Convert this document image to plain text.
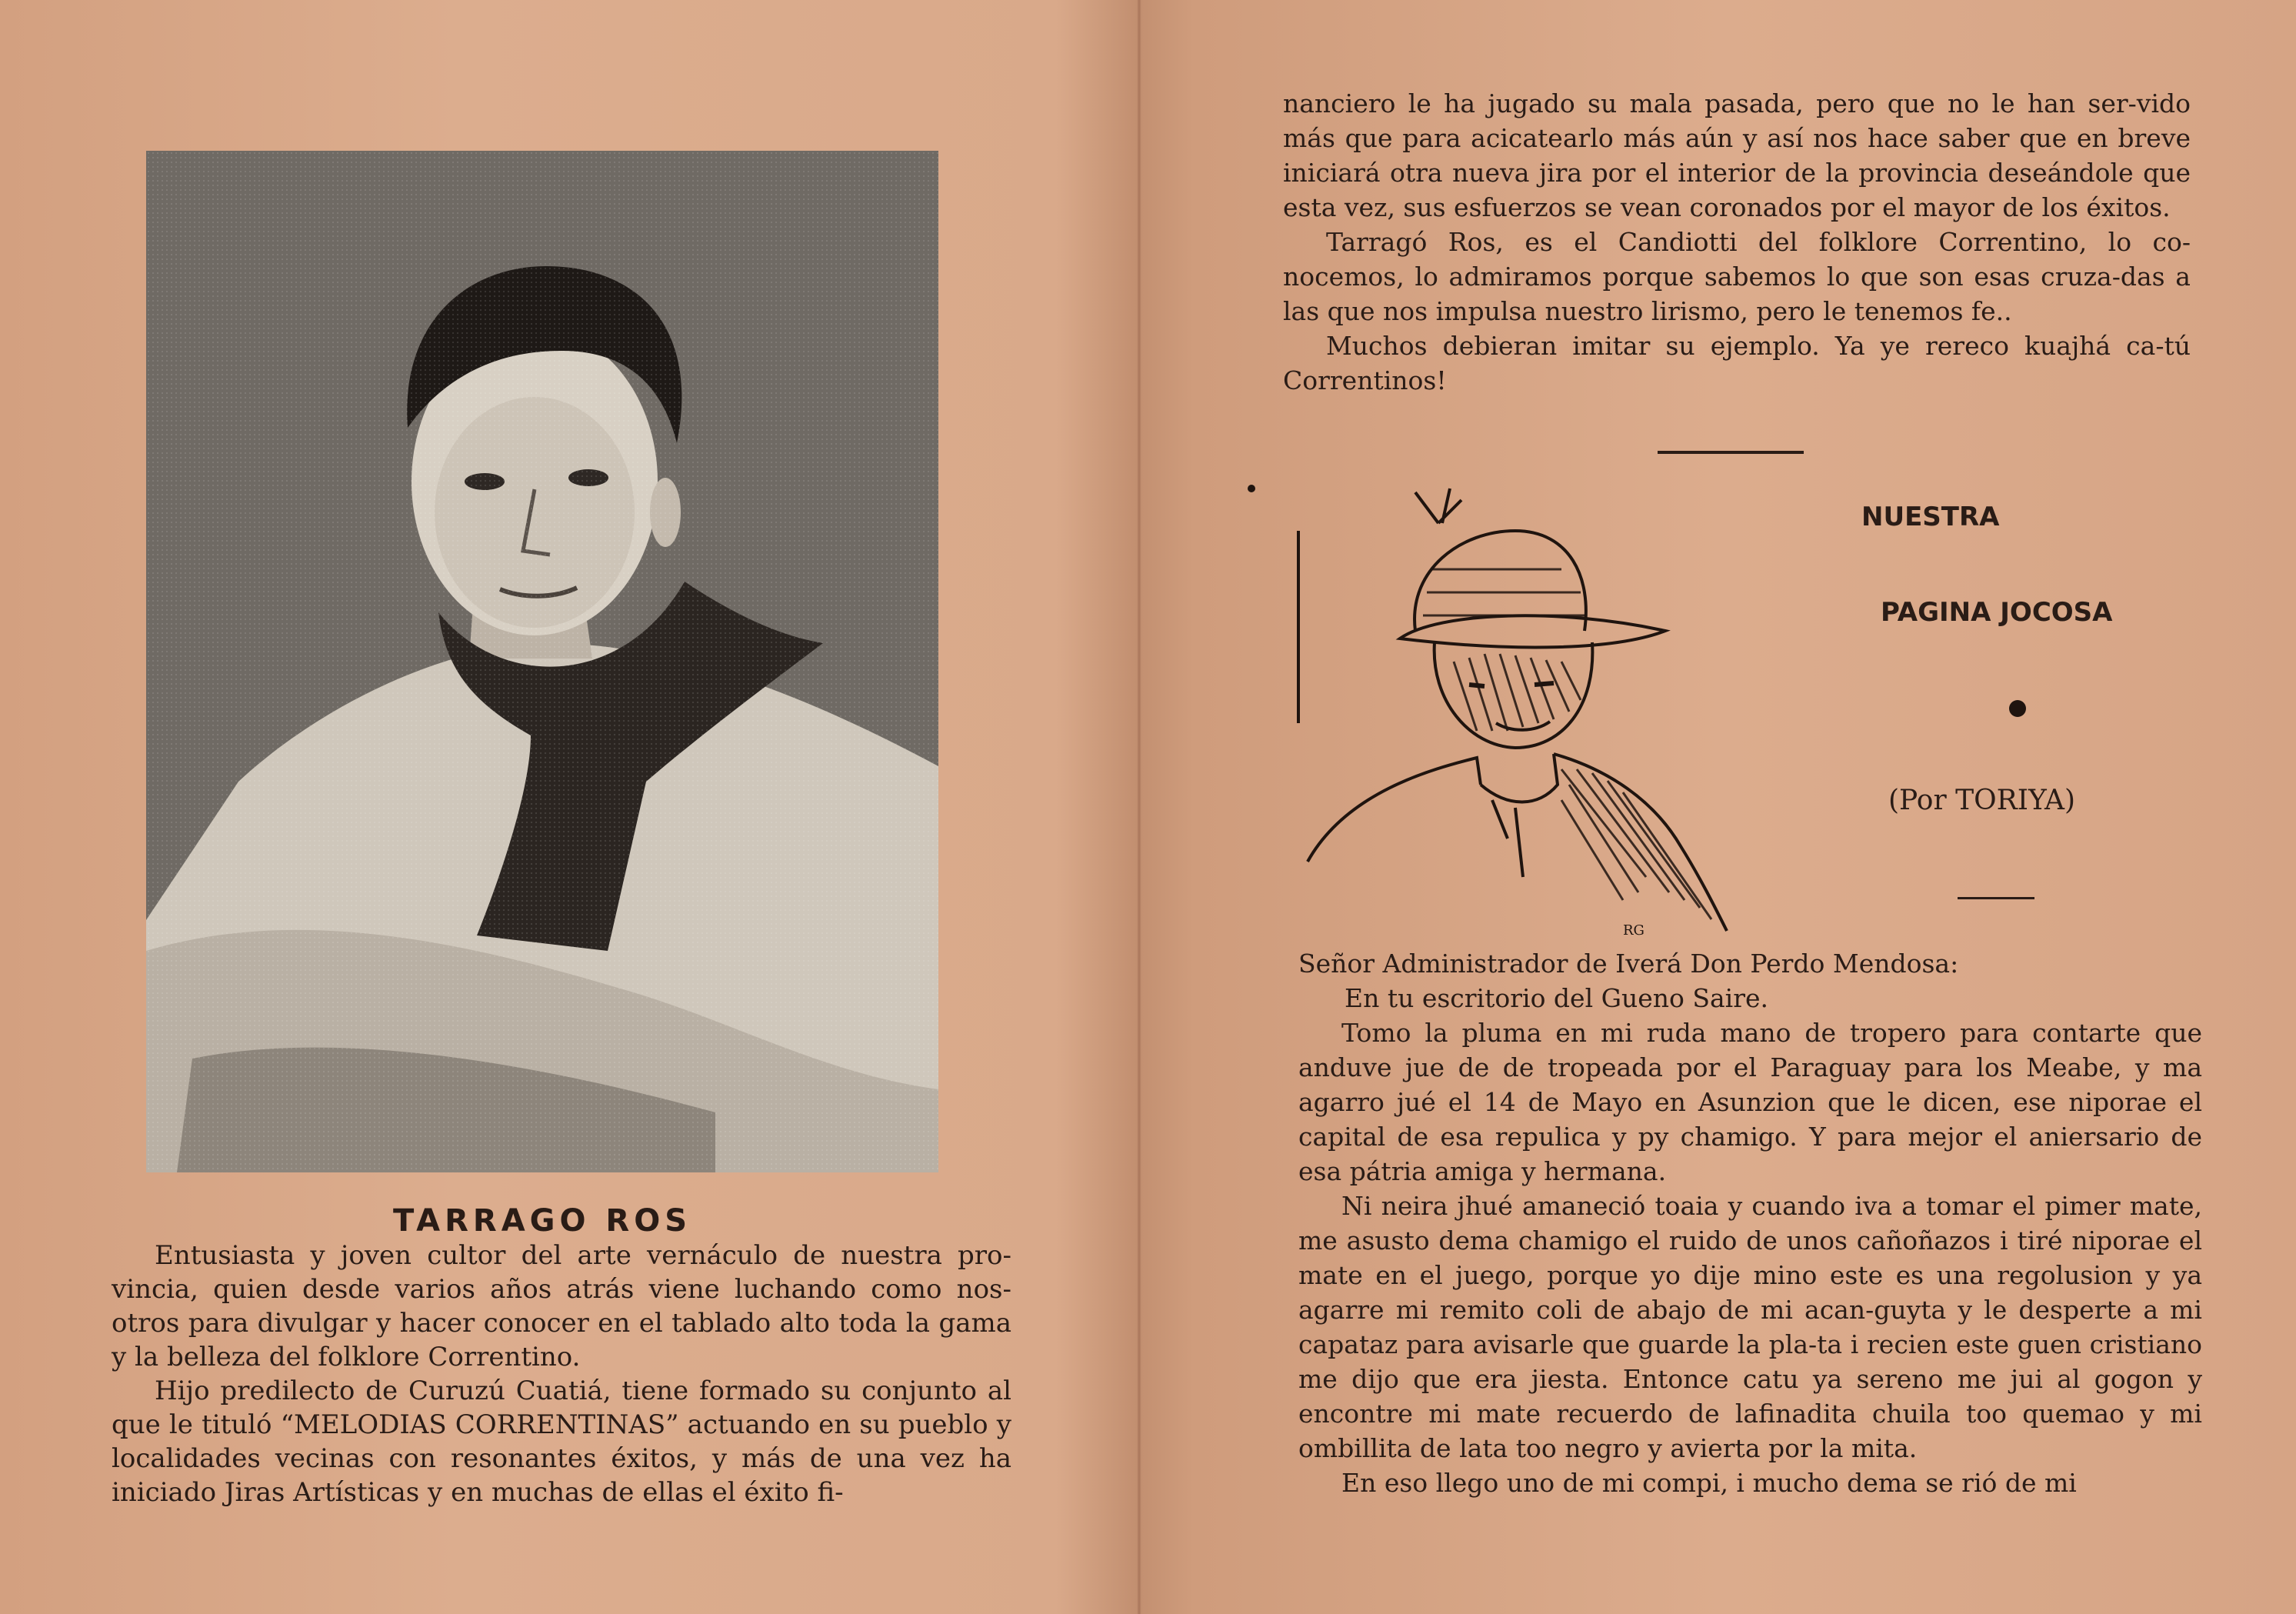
TARRAGO ROS

Entusiasta y joven cultor del arte vernáculo de nuestra pro-vincia, quien desde varios años atrás viene luchando como nos-otros para divulgar y hacer conocer en el tablado alto toda la gama y la belleza del folklore Correntino.

Hijo predilecto de Curuzú Cuatiá, tiene formado su conjunto al que le tituló “MELODIAS CORRENTINAS” actuando en su pueblo y localidades vecinas con resonantes éxitos, y más de una vez ha iniciado Jiras Artísticas y en muchas de ellas el éxito fi-

nanciero le ha jugado su mala pasada, pero que no le han ser-vido más que para acicatearlo más aún y así nos hace saber que en breve iniciará otra nueva jira por el interior de la provincia deseándole que esta vez, sus esfuerzos se vean coronados por el mayor de los éxitos.

Tarragó Ros, es el Candiotti del folklore Correntino, lo co-nocemos, lo admiramos porque sabemos lo que son esas cruza-das a las que nos impulsa nuestro lirismo, pero le tenemos fe..

Muchos debieran imitar su ejemplo. Ya ye rereco kuajhá ca-tú Correntinos!

RG
NUESTRA
PAGINA JOCOSA
(Por TORIYA)

Señor Administrador de Iverá Don Perdo Mendosa:

En tu escritorio del Gueno Saire.

Tomo la pluma en mi ruda mano de tropero para contarte que anduve jue de de tropeada por el Paraguay para los Meabe, y ma agarro jué el 14 de Mayo en Asunzion que le dicen, ese niporae el capital de esa repulica y py chamigo. Y para mejor el aniersario de esa pátria amiga y hermana.

Ni neira jhué amaneció toaia y cuando iva a tomar el pimer mate, me asusto dema chamigo el ruido de unos cañoñazos i tiré niporae el mate en el juego, porque yo dije mino este es una regolusion y ya agarre mi remito coli de abajo de mi acan-guyta y le desperte a mi capataz para avisarle que guarde la pla-ta i recien este guen cristiano me dijo que era jiesta. Entonce catu ya sereno me jui al gogon y encontre mi mate recuerdo de lafinadita chuila too quemao y mi ombillita de lata too negro y avierta por la mita.

En eso llego uno de mi compi, i mucho dema se rió de mi
